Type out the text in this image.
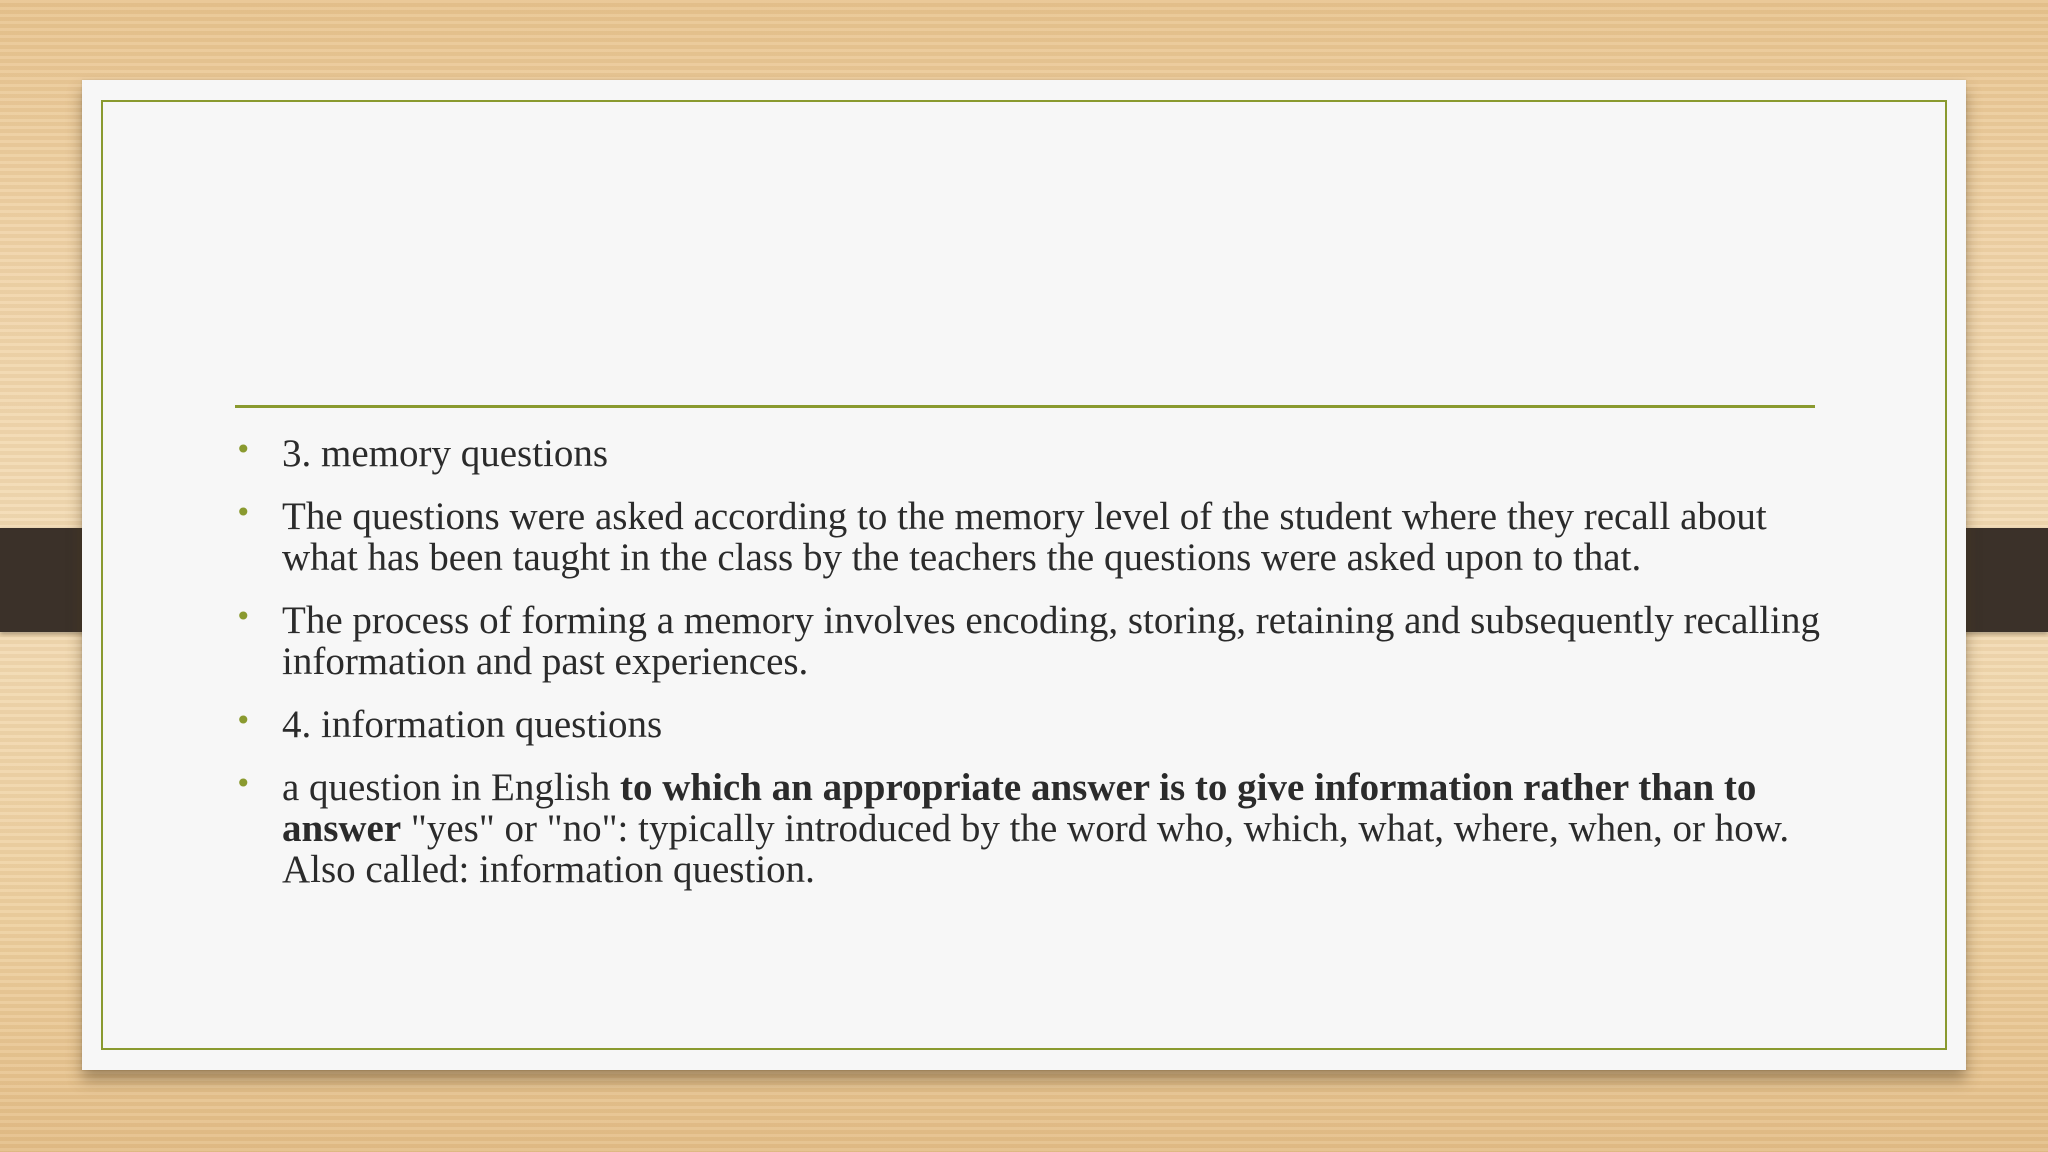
• 3. memory questions
• The questions were asked according to the memory level of the student where they recall about what has been taught in the class by the teachers the questions were asked upon to that.
• The process of forming a memory involves encoding, storing, retaining and subsequently recalling information and past experiences.
• 4. information questions
• a question in English to which an appropriate answer is to give information rather than to answer "yes" or "no": typically introduced by the word who, which, what, where, when, or how. Also called: information question.
